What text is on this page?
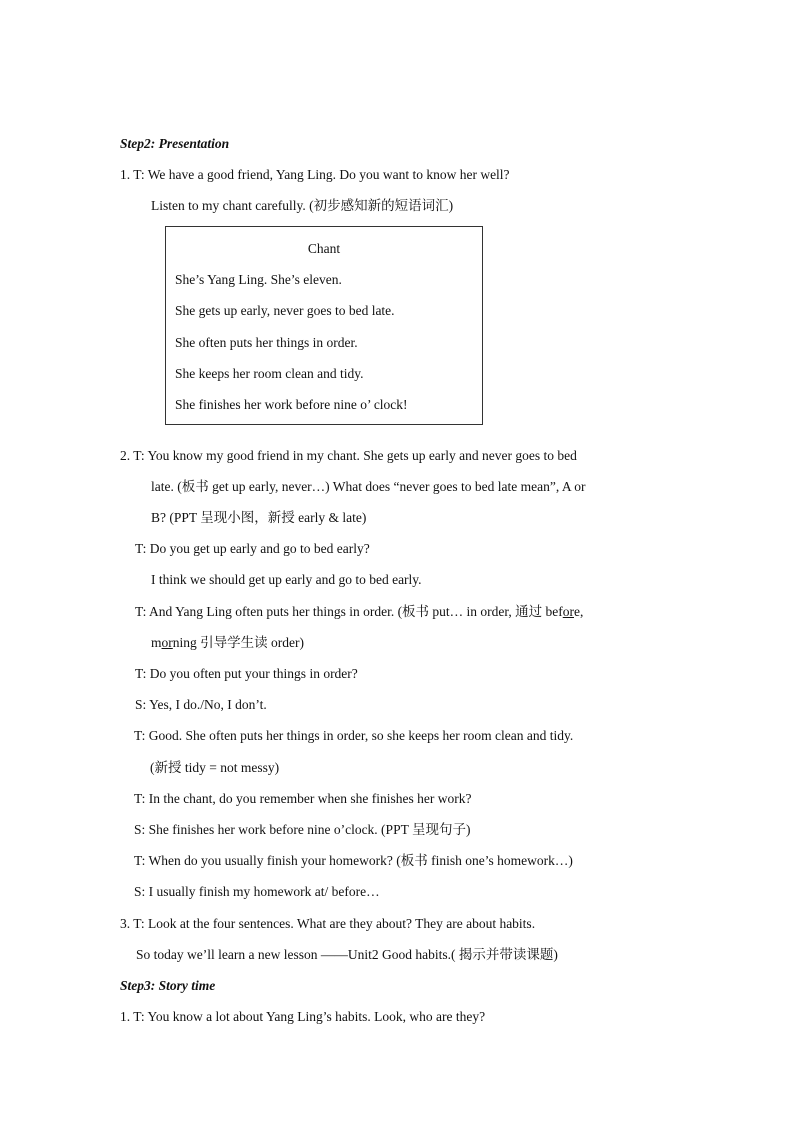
Step2: Presentation
1. T: We have a good friend, Yang Ling. Do you want to know her well?
Listen to my chant carefully. (初步感知新的短语词汇)
Chant
She’s Yang Ling. She’s eleven.
She gets up early, never goes to bed late.
She often puts her things in order.
She keeps her room clean and tidy.
She finishes her work before nine o’ clock!
2. T: You know my good friend in my chant. She gets up early and never goes to bed
late. (板书 get up early, never…) What does “never goes to bed late mean”, A or
B? (PPT 呈现小图，新授 early & late)
T: Do you get up early and go to bed early?
I think we should get up early and go to bed early.
T: And Yang Ling often puts her things in order. (板书 put… in order, 通过 before,
morning 引导学生读 order)
T: Do you often put your things in order?
S: Yes, I do./No, I don’t.
T: Good. She often puts her things in order, so she keeps her room clean and tidy.
(新授 tidy = not messy)
T: In the chant, do you remember when she finishes her work?
S: She finishes her work before nine o’clock. (PPT 呈现句子)
T: When do you usually finish your homework? (板书 finish one’s homework…)
S: I usually finish my homework at/ before…
3. T: Look at the four sentences. What are they about? They are about habits.
So today we’ll learn a new lesson ——Unit2 Good habits.( 揭示并带读课题)
Step3: Story time
1. T: You know a lot about Yang Ling’s habits. Look, who are they?
